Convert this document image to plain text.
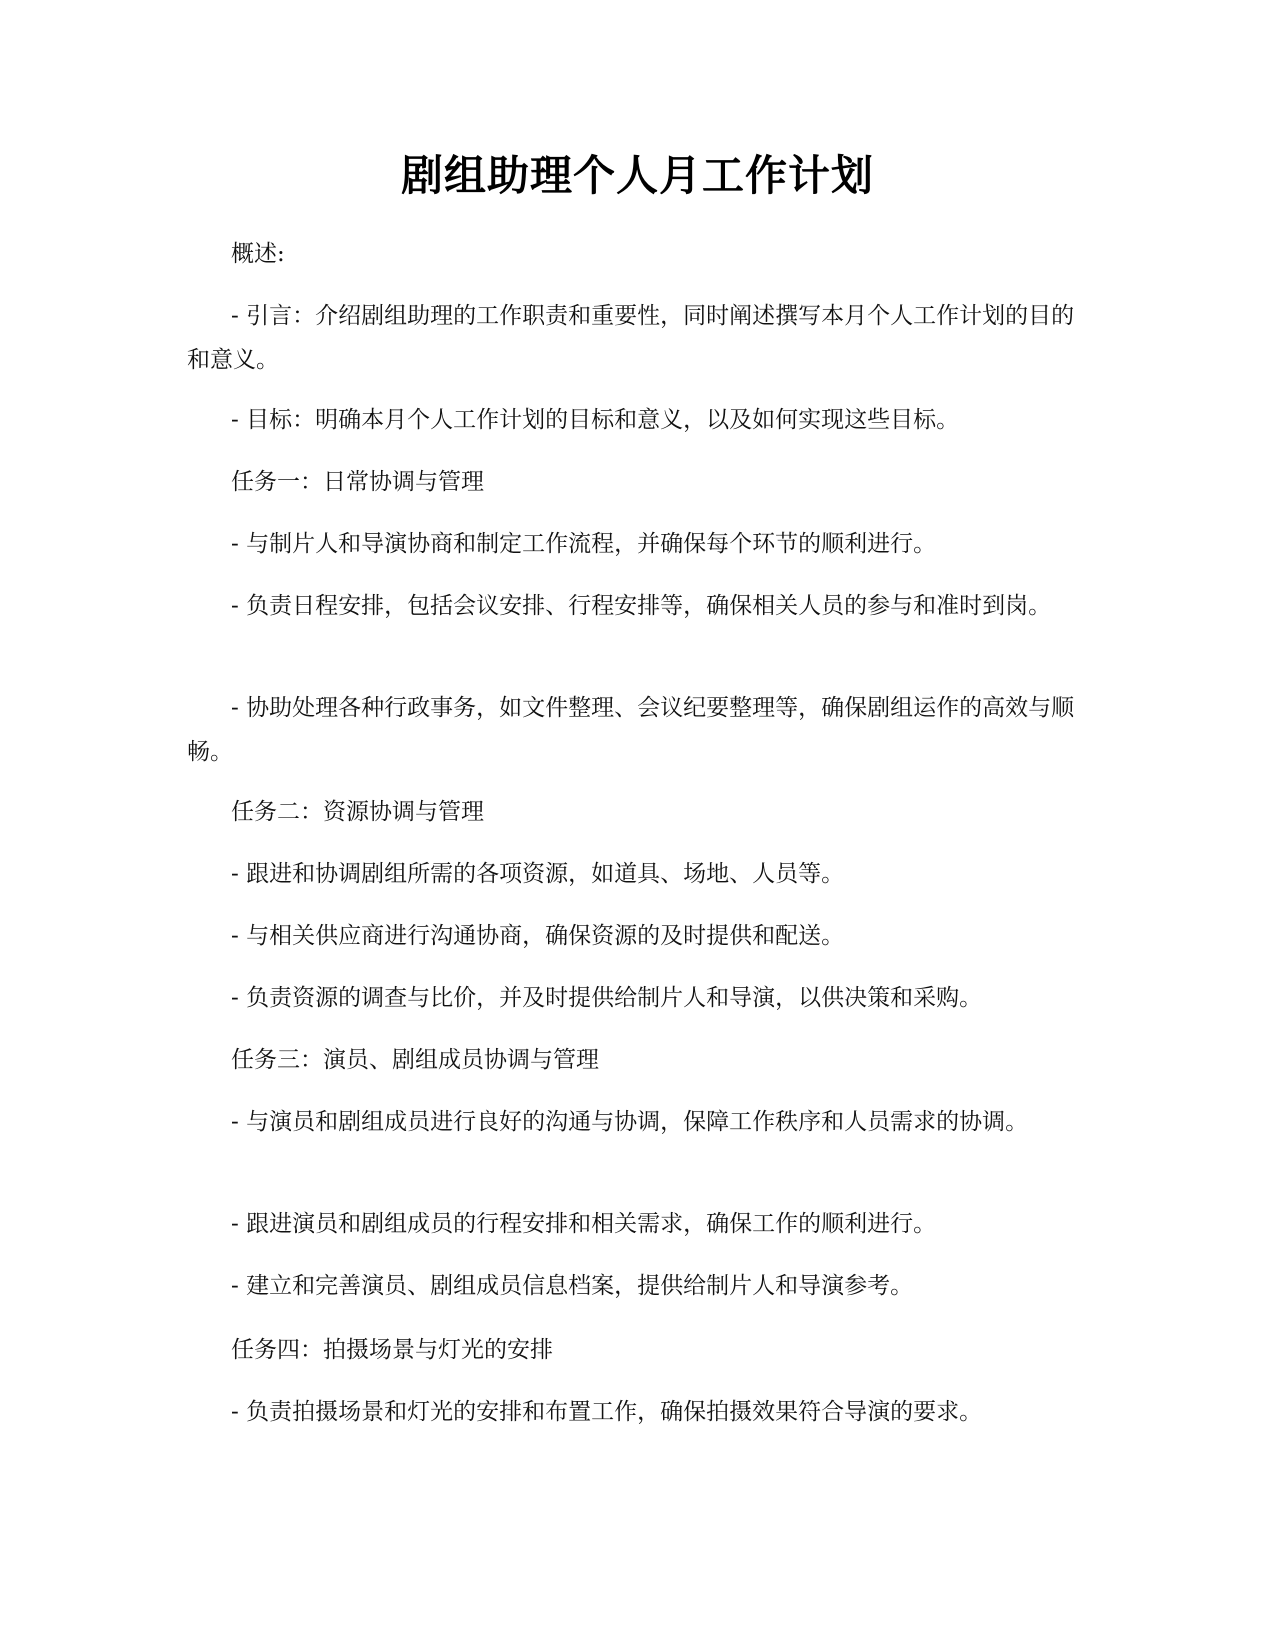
剧组助理个人月工作计划

概述:

- 引言：介绍剧组助理的工作职责和重要性，同时阐述撰写本月个人工作计划的目的和意义。

- 目标：明确本月个人工作计划的目标和意义，以及如何实现这些目标。

任务一：日常协调与管理

- 与制片人和导演协商和制定工作流程，并确保每个环节的顺利进行。

- 负责日程安排，包括会议安排、行程安排等，确保相关人员的参与和准时到岗。

- 协助处理各种行政事务，如文件整理、会议纪要整理等，确保剧组运作的高效与顺畅。

任务二：资源协调与管理

- 跟进和协调剧组所需的各项资源，如道具、场地、人员等。

- 与相关供应商进行沟通协商，确保资源的及时提供和配送。

- 负责资源的调查与比价，并及时提供给制片人和导演，以供决策和采购。

任务三：演员、剧组成员协调与管理

- 与演员和剧组成员进行良好的沟通与协调，保障工作秩序和人员需求的协调。

- 跟进演员和剧组成员的行程安排和相关需求，确保工作的顺利进行。

- 建立和完善演员、剧组成员信息档案，提供给制片人和导演参考。

任务四：拍摄场景与灯光的安排

- 负责拍摄场景和灯光的安排和布置工作，确保拍摄效果符合导演的要求。
